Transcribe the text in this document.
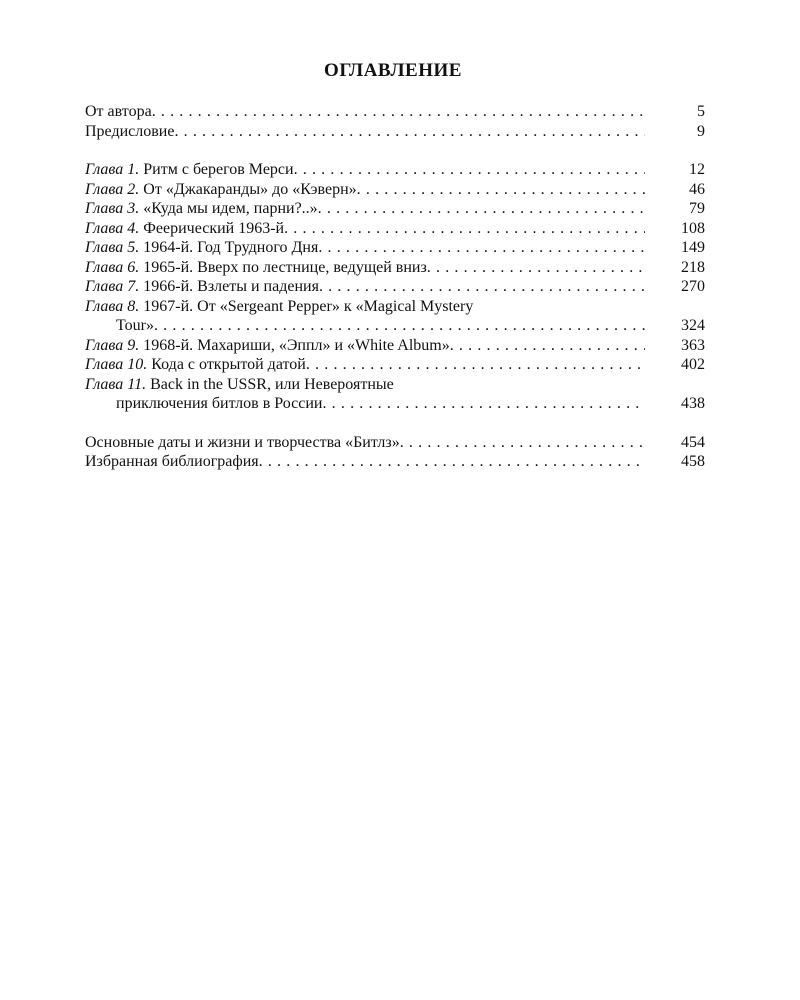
ОГЛАВЛЕНИЕ
От автора . . .	5
Предисловие . . .	9
Глава 1. Ритм с берегов Мерси . . .	12
Глава 2. От «Джакаранды» до «Кэверн» . . .	46
Глава 3. «Куда мы идем, парни?..» . . .	79
Глава 4. Феерический 1963-й . . .	108
Глава 5. 1964-й. Год Трудного Дня . . .	149
Глава 6. 1965-й. Вверх по лестнице, ведущей вниз . . .	218
Глава 7. 1966-й. Взлеты и падения . . .	270
Глава 8. 1967-й. От «Sergeant Pepper» к «Magical Mystery
Tour» . . .	324
Глава 9. 1968-й. Махариши, «Эппл» и «White Album» . . .	363
Глава 10. Кода с открытой датой . . .	402
Глава 11. Back in the USSR, или Невероятные
приключения битлов в России . . .	438
Основные даты и жизни и творчества «Битлз» . . .	454
Избранная библиография . . .	458
